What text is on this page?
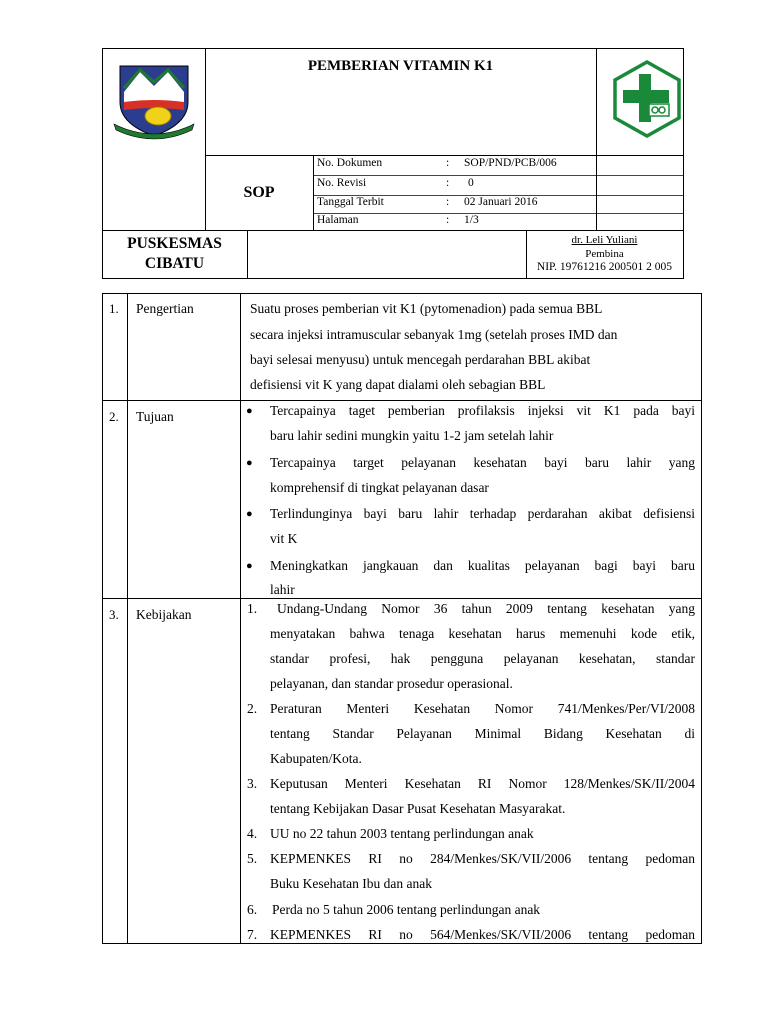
PEMBERIAN VITAMIN K1
SOP
No. Dokumen	: SOP/PND/PCB/006
No. Revisi	: 0
Tanggal Terbit	: 02 Januari 2016
Halaman	: 1/3
PUSKESMAS
CIBATU
dr. Leli Yuliani
Pembina
NIP. 19761216 200501 2 005
1. Pengertian	Suatu proses pemberian vit K1 (pytomenadion) pada semua BBL
secara injeksi intramuscular sebanyak 1mg (setelah proses IMD dan
bayi selesai menyusu) untuk mencegah perdarahan BBL akibat
defisiensi vit K yang dapat dialami oleh sebagian BBL
2. Tujuan	● Tercapainya taget pemberian profilaksis injeksi vit K1 pada bayi
baru lahir sedini mungkin yaitu 1-2 jam setelah lahir
● Tercapainya target pelayanan kesehatan bayi baru lahir yang
komprehensif di tingkat pelayanan dasar
● Terlindunginya bayi baru lahir terhadap perdarahan akibat defisiensi
vit K
● Meningkatkan jangkauan dan kualitas pelayanan bagi bayi baru
lahir
3. Kebijakan	1. Undang-Undang Nomor 36 tahun 2009 tentang kesehatan yang
menyatakan bahwa tenaga kesehatan harus memenuhi kode etik,
standar profesi, hak pengguna pelayanan kesehatan, standar
pelayanan, dan standar prosedur operasional.
2. Peraturan Menteri Kesehatan Nomor 741/Menkes/Per/VI/2008
tentang Standar Pelayanan Minimal Bidang Kesehatan di
Kabupaten/Kota.
3. Keputusan Menteri Kesehatan RI Nomor 128/Menkes/SK/II/2004
tentang Kebijakan Dasar Pusat Kesehatan Masyarakat.
4. UU no 22 tahun 2003 tentang perlindungan anak
5. KEPMENKES RI no 284/Menkes/SK/VII/2006 tentang pedoman
Buku Kesehatan Ibu dan anak
6. Perda no 5 tahun 2006 tentang perlindungan anak
7. KEPMENKES RI no 564/Menkes/SK/VII/2006 tentang pedoman
